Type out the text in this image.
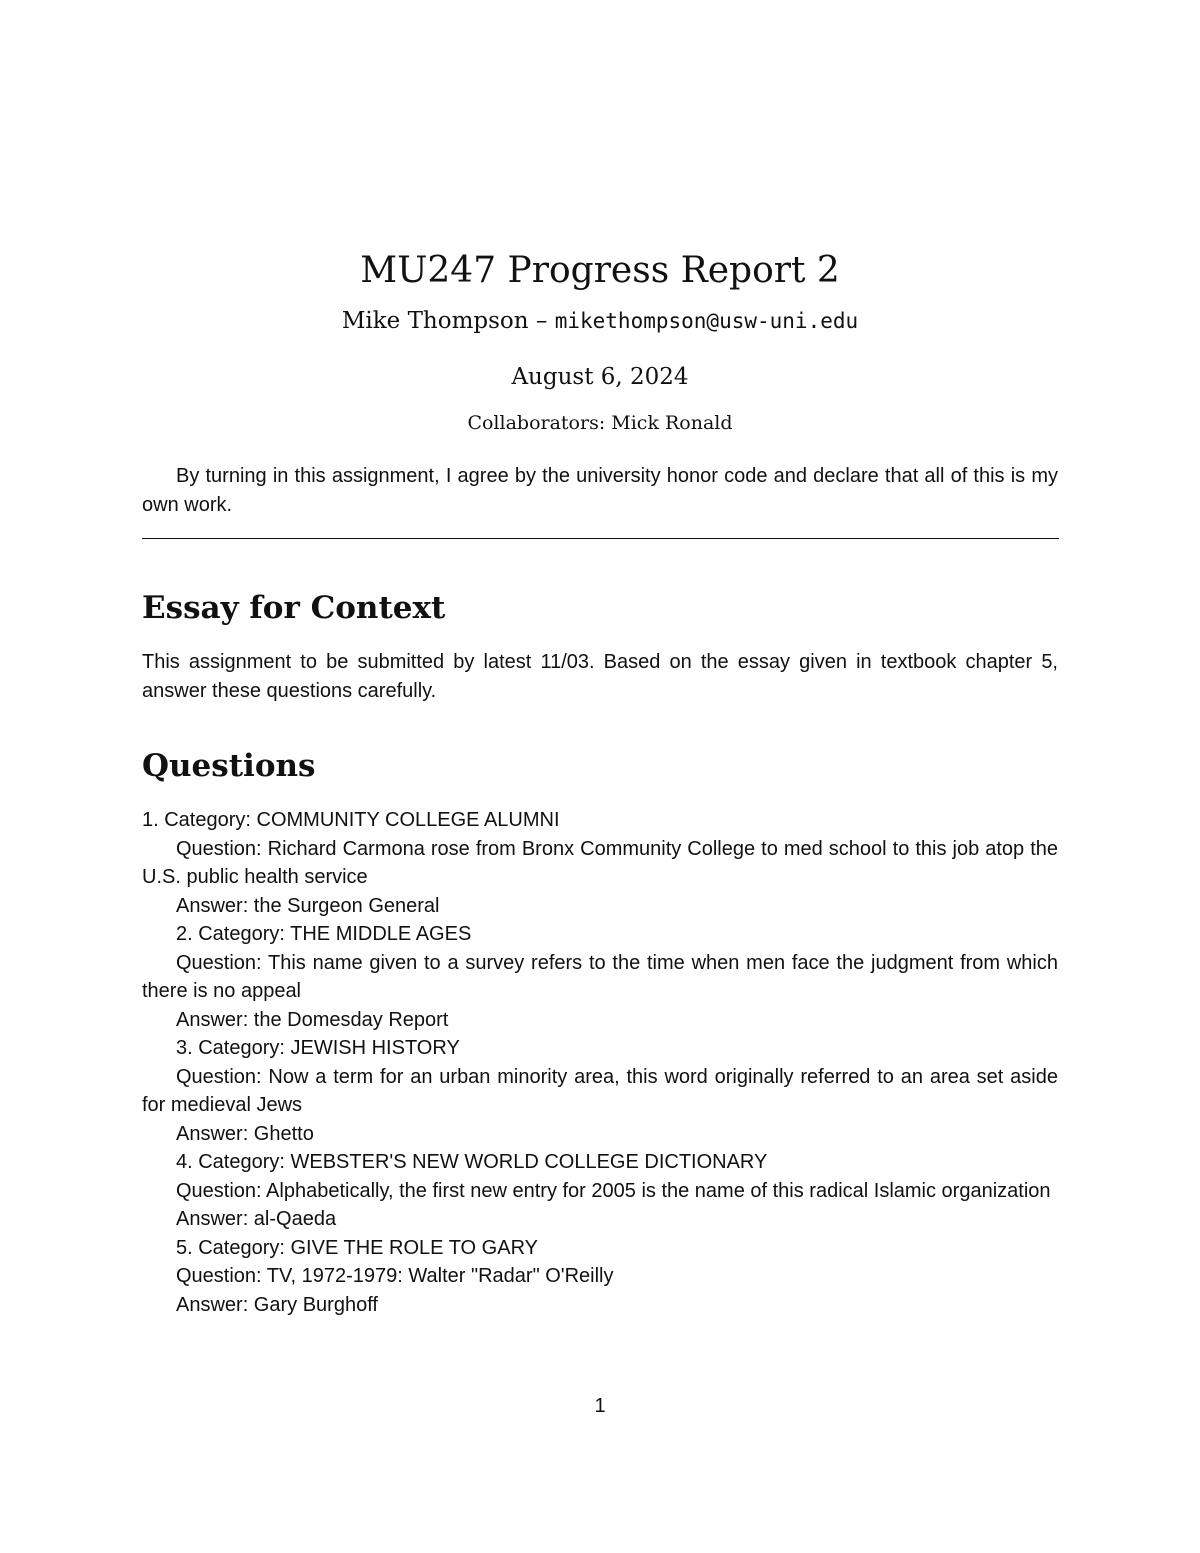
MU247 Progress Report 2
Mike Thompson – mikethompson@usw-uni.edu
August 6, 2024
Collaborators: Mick Ronald

By turning in this assignment, I agree by the university honor code and declare that all of this is my own work.

Essay for Context

This assignment to be submitted by latest 11/03. Based on the essay given in textbook chapter 5, answer these questions carefully.

Questions

1. Category: COMMUNITY COLLEGE ALUMNI

Question: Richard Carmona rose from Bronx Community College to med school to this job atop the U.S. public health service

Answer: the Surgeon General

2. Category: THE MIDDLE AGES

Question: This name given to a survey refers to the time when men face the judgment from which there is no appeal

Answer: the Domesday Report

3. Category: JEWISH HISTORY

Question: Now a term for an urban minority area, this word originally referred to an area set aside for medieval Jews

Answer: Ghetto

4. Category: WEBSTER'S NEW WORLD COLLEGE DICTIONARY

Question: Alphabetically, the first new entry for 2005 is the name of this radical Islamic organization

Answer: al-Qaeda

5. Category: GIVE THE ROLE TO GARY

Question: TV, 1972-1979: Walter "Radar" O'Reilly

Answer: Gary Burghoff

1
